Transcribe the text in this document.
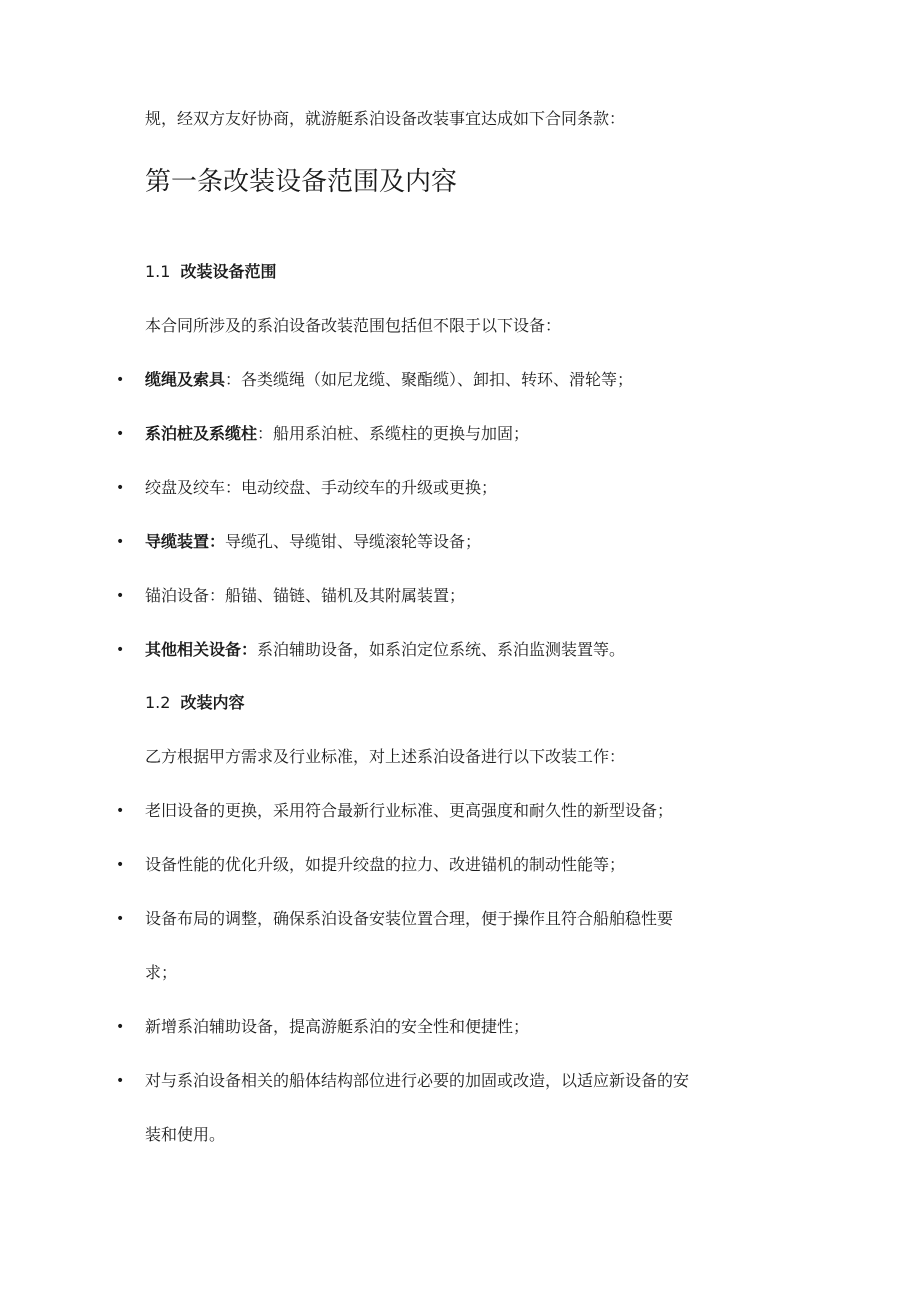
规，经双方友好协商，就游艇系泊设备改装事宜达成如下合同条款：
第一条改装设备范围及内容
1.1 改装设备范围
本合同所涉及的系泊设备改装范围包括但不限于以下设备：
• 缆绳及索具：各类缆绳（如尼龙缆、聚酯缆）、卸扣、转环、滑轮等；
• 系泊桩及系缆柱：船用系泊桩、系缆柱的更换与加固；
• 绞盘及绞车：电动绞盘、手动绞车的升级或更换；
• 导缆装置：导缆孔、导缆钳、导缆滚轮等设备；
• 锚泊设备：船锚、锚链、锚机及其附属装置；
• 其他相关设备：系泊辅助设备，如系泊定位系统、系泊监测装置等。
1.2 改装内容
乙方根据甲方需求及行业标准，对上述系泊设备进行以下改装工作：
• 老旧设备的更换，采用符合最新行业标准、更高强度和耐久性的新型设备；
• 设备性能的优化升级，如提升绞盘的拉力、改进锚机的制动性能等；
• 设备布局的调整，确保系泊设备安装位置合理，便于操作且符合船舶稳性要
求；
• 新增系泊辅助设备，提高游艇系泊的安全性和便捷性；
• 对与系泊设备相关的船体结构部位进行必要的加固或改造，以适应新设备的安
装和使用。
